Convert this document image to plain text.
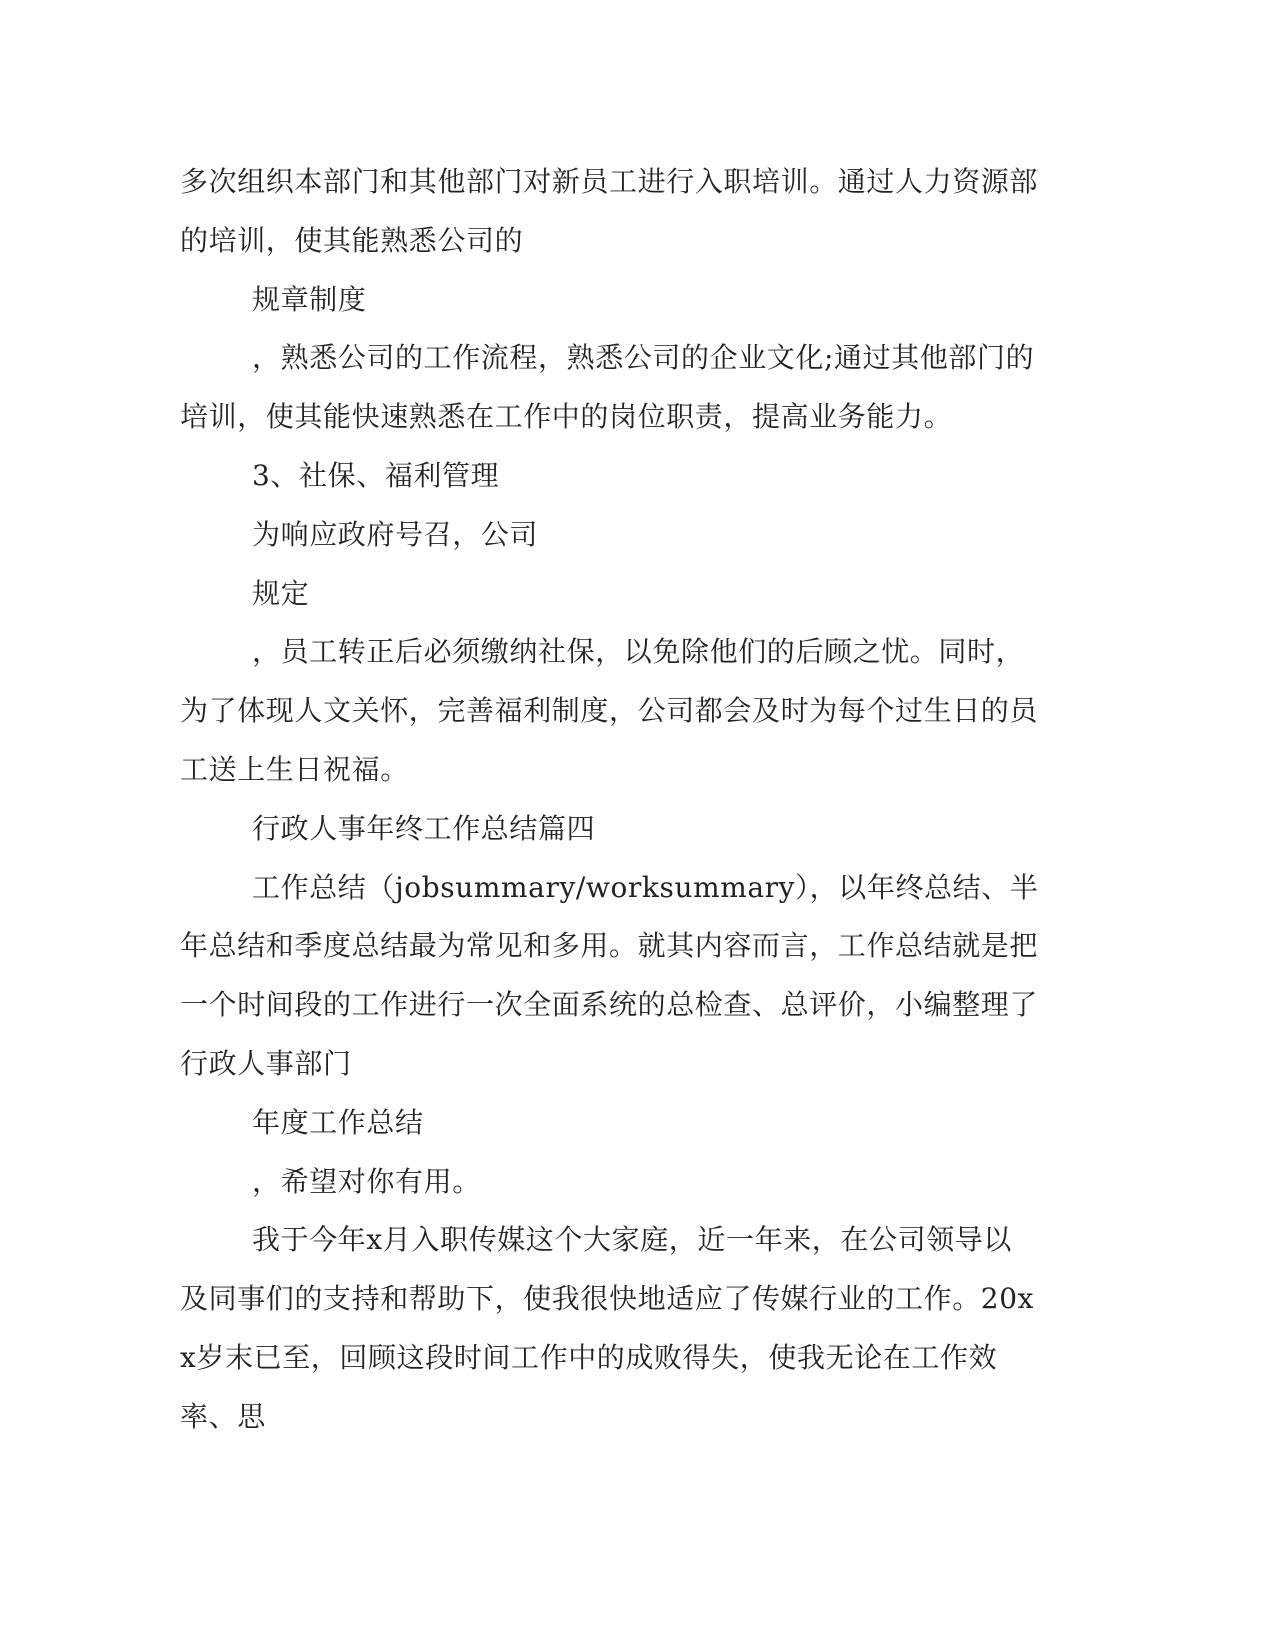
多次组织本部门和其他部门对新员工进行入职培训。通过人力资源部的培训，使其能熟悉公司的

规章制度

，熟悉公司的工作流程，熟悉公司的企业文化;通过其他部门的培训，使其能快速熟悉在工作中的岗位职责，提高业务能力。

3、社保、福利管理

为响应政府号召，公司

规定

，员工转正后必须缴纳社保，以免除他们的后顾之忧。同时，为了体现人文关怀，完善福利制度，公司都会及时为每个过生日的员工送上生日祝福。

行政人事年终工作总结篇四

工作总结（jobsummary/worksummary），以年终总结、半年总结和季度总结最为常见和多用。就其内容而言，工作总结就是把一个时间段的工作进行一次全面系统的总检查、总评价，小编整理了行政人事部门

年度工作总结

，希望对你有用。

我于今年x月入职传媒这个大家庭，近一年来，在公司领导以及同事们的支持和帮助下，使我很快地适应了传媒行业的工作。20xx岁末已至，回顾这段时间工作中的成败得失，使我无论在工作效率、思
